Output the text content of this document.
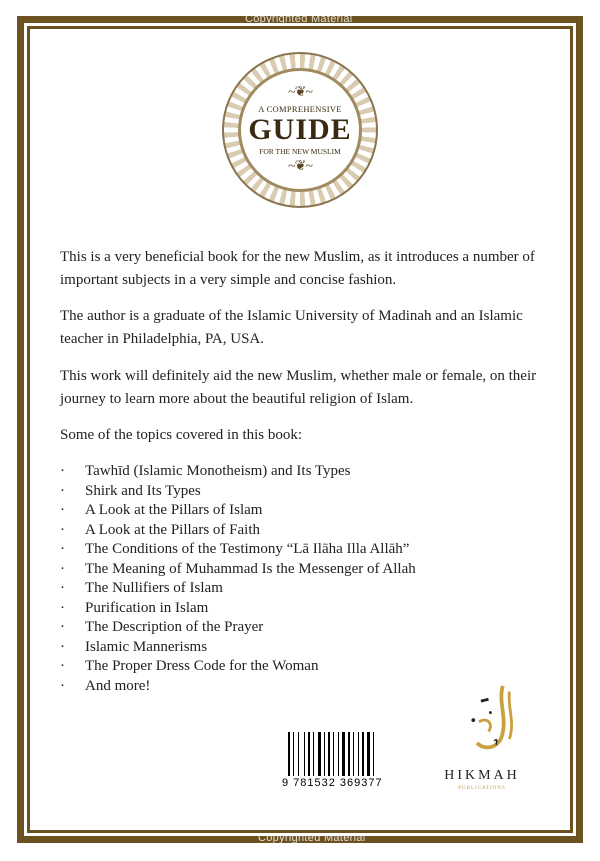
Copyrighted Material
Copyrighted Material
~❦~
A COMPREHENSIVE
GUIDE
FOR THE NEW MUSLIM
~❦~

This is a very beneficial book for the new Muslim, as it introduces a number of important subjects in a very simple and concise fashion.

The author is a graduate of the Islamic University of Madinah and an Islamic teacher in Philadelphia, PA, USA.

This work will definitely aid the new Muslim, whether male or female, on their journey to learn more about the beautiful religion of Islam.

Some of the topics covered in this book:

· Tawhīd (Islamic Monotheism) and Its Types
· Shirk and Its Types
· A Look at the Pillars of Islam
· A Look at the Pillars of Faith
· The Conditions of the Testimony “Lā Ilāha Illa Allāh”
· The Meaning of Muhammad Is the Messenger of Allah
· The Nullifiers of Islam
· Purification in Islam
· The Description of the Prayer
· Islamic Mannerisms
· The Proper Dress Code for the Woman
· And more!
9 781532 369377	HIKMAH
PUBLICATIONS
